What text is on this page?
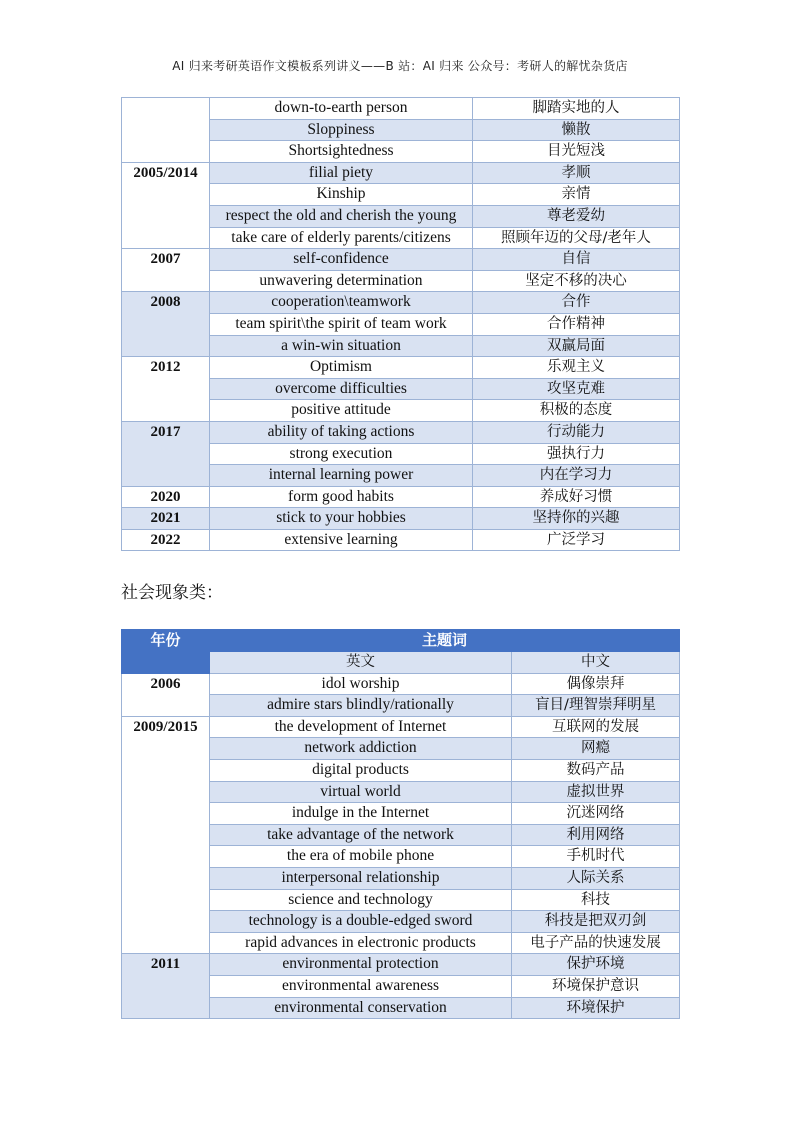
AI 归来考研英语作文模板系列讲义——B 站：AI 归来 公众号：考研人的解忧杂货店
	down-to-earth person	脚踏实地的人
	Sloppiness	懒散
	Shortsightedness	目光短浅
2005/2014	filial piety	孝顺
	Kinship	亲情
	respect the old and cherish the young	尊老爱幼
	take care of elderly parents/citizens	照顾年迈的父母/老年人
2007	self-confidence	自信
	unwavering determination	坚定不移的决心
2008	cooperation\teamwork	合作
	team spirit\the spirit of team work	合作精神
	a win-win situation	双赢局面
2012	Optimism	乐观主义
	overcome difficulties	攻坚克难
	positive attitude	积极的态度
2017	ability of taking actions	行动能力
	strong execution	强执行力
	internal learning power	内在学习力
2020	form good habits	养成好习惯
2021	stick to your hobbies	坚持你的兴趣
2022	extensive learning	广泛学习
社会现象类：
年份	主题词	
	英文	中文
2006	idol worship	偶像崇拜
	admire stars blindly/rationally	盲目/理智崇拜明星
2009/2015	the development of Internet	互联网的发展
	network addiction	网瘾
	digital products	数码产品
	virtual world	虚拟世界
	indulge in the Internet	沉迷网络
	take advantage of the network	利用网络
	the era of mobile phone	手机时代
	interpersonal relationship	人际关系
	science and technology	科技
	technology is a double-edged sword	科技是把双刃剑
	rapid advances in electronic products	电子产品的快速发展
2011	environmental protection	保护环境
	environmental awareness	环境保护意识
	environmental conservation	环境保护
